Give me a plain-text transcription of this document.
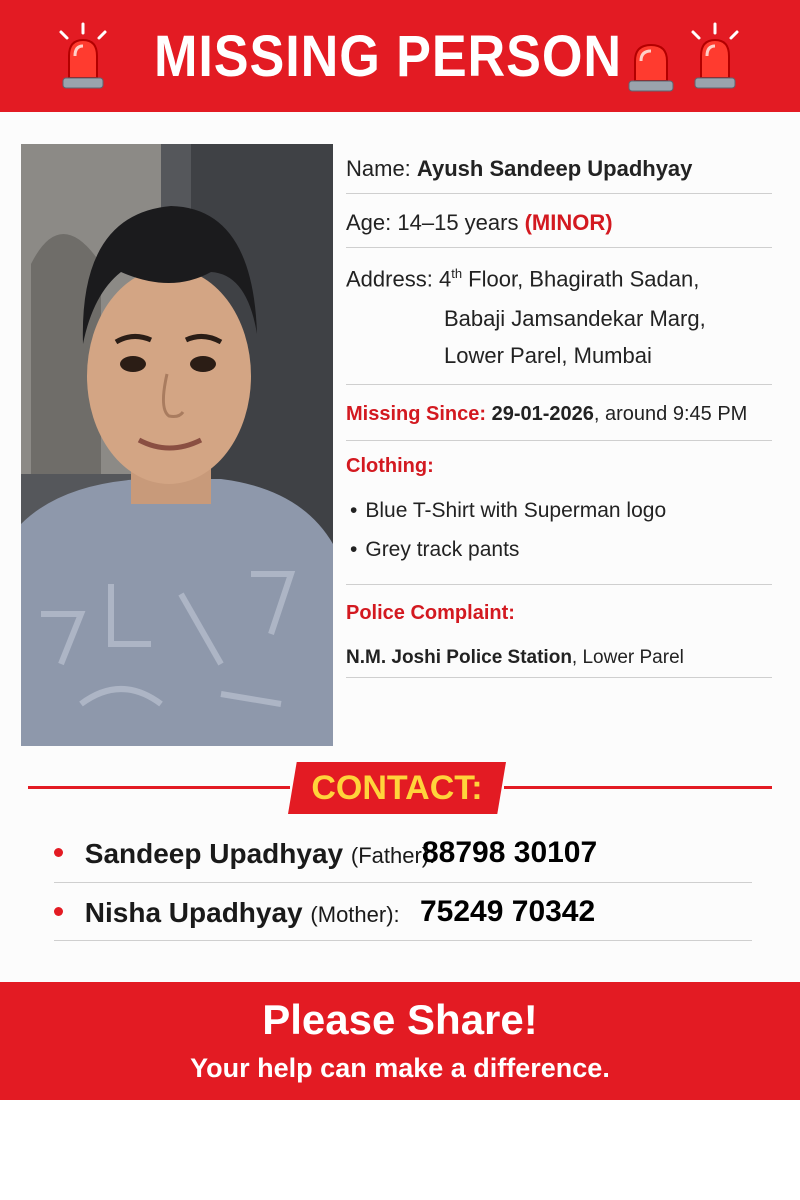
MISSING PERSON
Name: Ayush Sandeep Upadhyay
Age: 14–15 years (MINOR)
Address: 4th Floor, Bhagirath Sadan,
Babaji Jamsandekar Marg,
Lower Parel, Mumbai
Missing Since: 29-01-2026, around 9:45 PM
Clothing:
• Blue T-Shirt with Superman logo
• Grey track pants
Police Complaint:
N.M. Joshi Police Station, Lower Parel
CONTACT:
Sandeep Upadhyay (Father):
88798 30107
Nisha Upadhyay (Mother): 75249 70342
Please Share!
Your help can make a difference.
